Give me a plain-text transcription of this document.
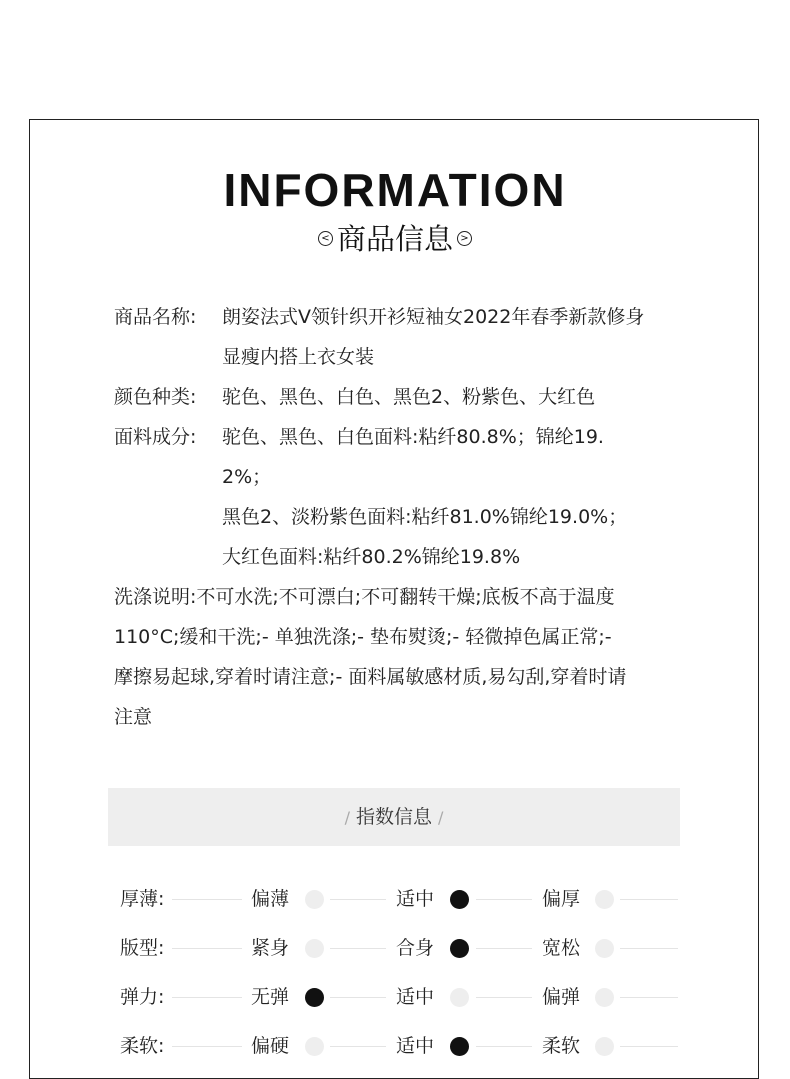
INFORMATION
< 商品信息 >
商品名称:	朗姿法式V领针织开衫短袖女2022年春季新款修身
显瘦内搭上衣女装
颜色种类:	驼色、黑色、白色、黑色2、粉紫色、大红色
面料成分:	驼色、黑色、白色面料:粘纤80.8%；锦纶19.
2%；
黑色2、淡粉紫色面料:粘纤81.0%锦纶19.0%；
大红色面料:粘纤80.2%锦纶19.8%
洗涤说明:不可水洗;不可漂白;不可翻转干燥;底板不高于温度
110°C;缓和干洗;- 单独洗涤;- 垫布熨烫;- 轻微掉色属正常;-
摩擦易起球,穿着时请注意;- 面料属敏感材质,易勾刮,穿着时请
注意
/ 指数信息 /
厚薄:	偏薄	适中	偏厚
版型:	紧身	合身	宽松
弹力:	无弹	适中	偏弹
柔软:	偏硬	适中	柔软
